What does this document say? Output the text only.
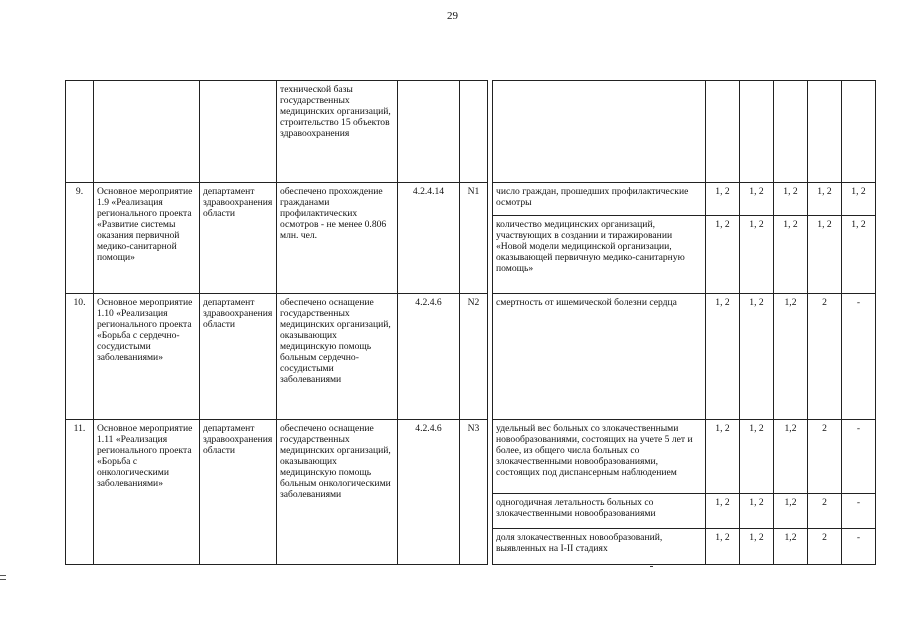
29
			технической базы государственных медицинских организаций, строительство 15 объектов здравоохранения									
9.	Основное мероприятие 1.9 «Реализация регионального проекта «Развитие системы оказания первичной медико-санитарной помощи»	департамент здравоохранения области	обеспечено прохождение гражданами профилактических осмотров - не менее 0.806 млн. чел.	4.2.4.14	N1		число граждан, прошедших профилактические осмотры	1, 2	1, 2	1, 2	1, 2	1, 2
							количество медицинских организаций, участвующих в создании и тиражировании «Новой модели медицинской организации, оказывающей первичную медико-санитарную помощь»	1, 2	1, 2	1, 2	1, 2	1, 2
10.	Основное мероприятие 1.10 «Реализация регионального проекта «Борьба с сердечно-сосудистыми заболеваниями»	департамент здравоохранения области	обеспечено оснащение государственных медицинских организаций, оказывающих медицинскую помощь больным сердечно-сосудистыми заболеваниями	4.2.4.6	N2		смертность от ишемической болезни сердца	1, 2	1, 2	1,2	2	-
11.	Основное мероприятие 1.11 «Реализация регионального проекта «Борьба с онкологическими заболеваниями»	департамент здравоохранения области	обеспечено оснащение государственных медицинских организаций, оказывающих медицинскую помощь больным онкологическими заболеваниями	4.2.4.6	N3		удельный вес больных со злокачественными новообразованиями, состоящих на учете 5 лет и более, из общего числа больных со злокачественными новообразованиями, состоящих под диспансерным наблюдением	1, 2	1, 2	1,2	2	-
							одногодичная летальность больных со злокачественными новообразованиями	1, 2	1, 2	1,2	2	-
							доля злокачественных новообразований, выявленных на I-II стадиях	1, 2	1, 2	1,2	2	-
